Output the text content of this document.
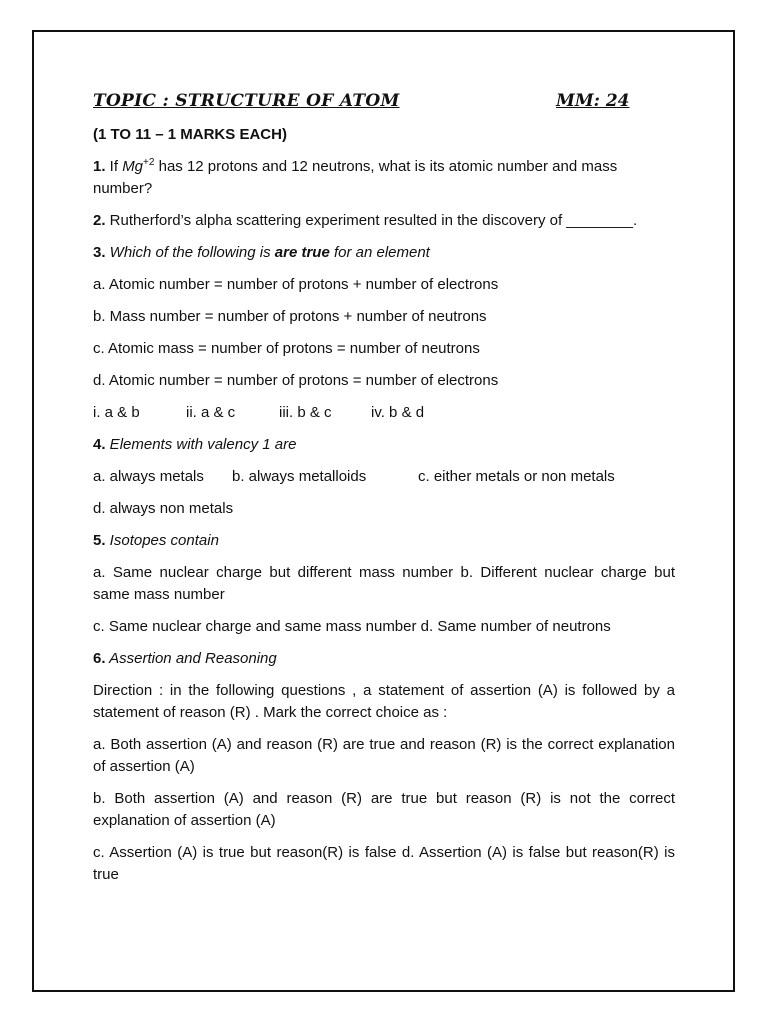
TOPIC : STRUCTURE OF ATOM	MM: 24

(1 TO 11 – 1 MARKS EACH)

1. If $Mg^{+2}$ has 12 protons and 12 neutrons, what is its atomic number and mass number?

2. Rutherford’s alpha scattering experiment resulted in the discovery of ________.

3. Which of the following is are true for an element

a. Atomic number = number of protons + number of electrons

b. Mass number = number of protons + number of neutrons

c. Atomic mass = number of protons = number of neutrons

d. Atomic number = number of protons = number of electrons

i. a & b	ii. a & c	iii. b & c	iv. b & d

4. Elements with valency 1 are

a. always metals	b. always metalloids	c. either metals or non metals

d. always non metals

5. Isotopes contain

a. Same nuclear charge but different mass number b. Different nuclear charge but same mass number

c. Same nuclear charge and same mass number d. Same number of neutrons

6. Assertion and Reasoning

Direction : in the following questions , a statement of assertion (A) is followed by a statement of reason (R) . Mark the correct choice as :

a. Both assertion (A) and reason (R) are true and reason (R) is the correct explanation of assertion (A)

b. Both assertion (A) and reason (R) are true but reason (R) is not the correct explanation of assertion (A)

c. Assertion (A) is true but reason(R) is false d. Assertion (A) is false but reason(R) is true
